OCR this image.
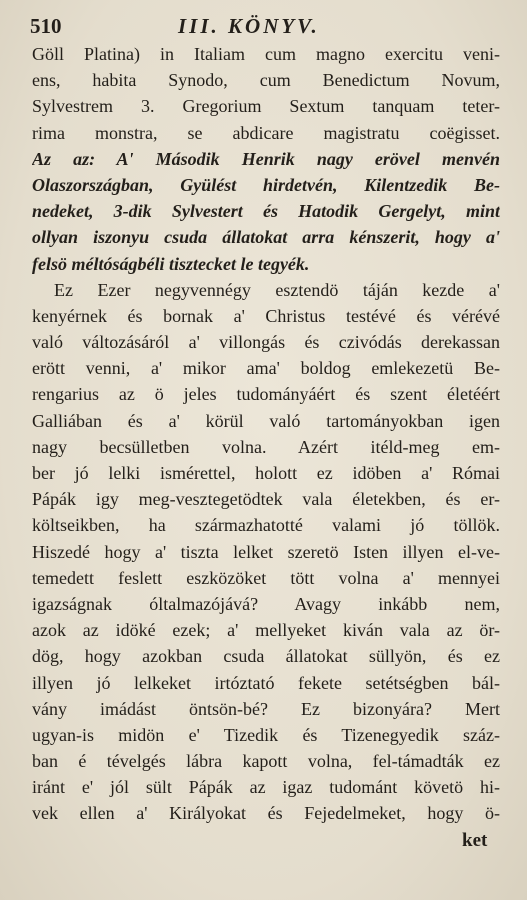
510	III. KÖNYV.
Göll Platina) in Italiam cum magno exercitu veni-
ens, habita Synodo, cum Benedictum Novum,
Sylvestrem 3. Gregorium Sextum tanquam teter-
rima monstra, se abdicare magistratu coëgisset.
Az az: A' Második Henrik nagy erövel menvén
Olaszországban, Gyülést hirdetvén, Kilentzedik Be-
nedeket, 3-dik Sylvestert és Hatodik Gergelyt, mint
ollyan iszonyu csuda állatokat arra kénszerit, hogy a'
felsö méltóságbéli tisztecket le tegyék.
Ez Ezer negyvennégy esztendö táján kezde a'
kenyérnek és bornak a' Christus testévé és vérévé
való változásáról a' villongás és czivódás derekassan
erött venni, a' mikor ama' boldog emlekezetü Be-
rengarius az ö jeles tudományáért és szent életéért
Galliában és a' körül való tartományokban igen
nagy becsülletben volna. Azért itéld-meg em-
ber jó lelki ismérettel, holott ez idöben a' Római
Pápák igy meg-vesztegetödtek vala életekben, és er-
költseikben, ha származhatotté valami jó töllök.
Hiszedé hogy a' tiszta lelket szeretö Isten illyen el-ve-
temedett feslett eszközöket tött volna a' mennyei
igazságnak óltalmazójává? Avagy inkább nem,
azok az idöké ezek; a' mellyeket kiván vala az ör-
dög, hogy azokban csuda állatokat süllyön, és ez
illyen jó lelkeket irtóztató fekete setétségben bál-
vány imádást öntsön-bé? Ez bizonyára? Mert
ugyan-is midön e' Tizedik és Tizenegyedik száz-
ban é tévelgés lábra kapott volna, fel-támadták ez
iránt e' jól sült Pápák az igaz tudománt követö hi-
vek ellen a' Királyokat és Fejedelmeket, hogy ö-
ket
